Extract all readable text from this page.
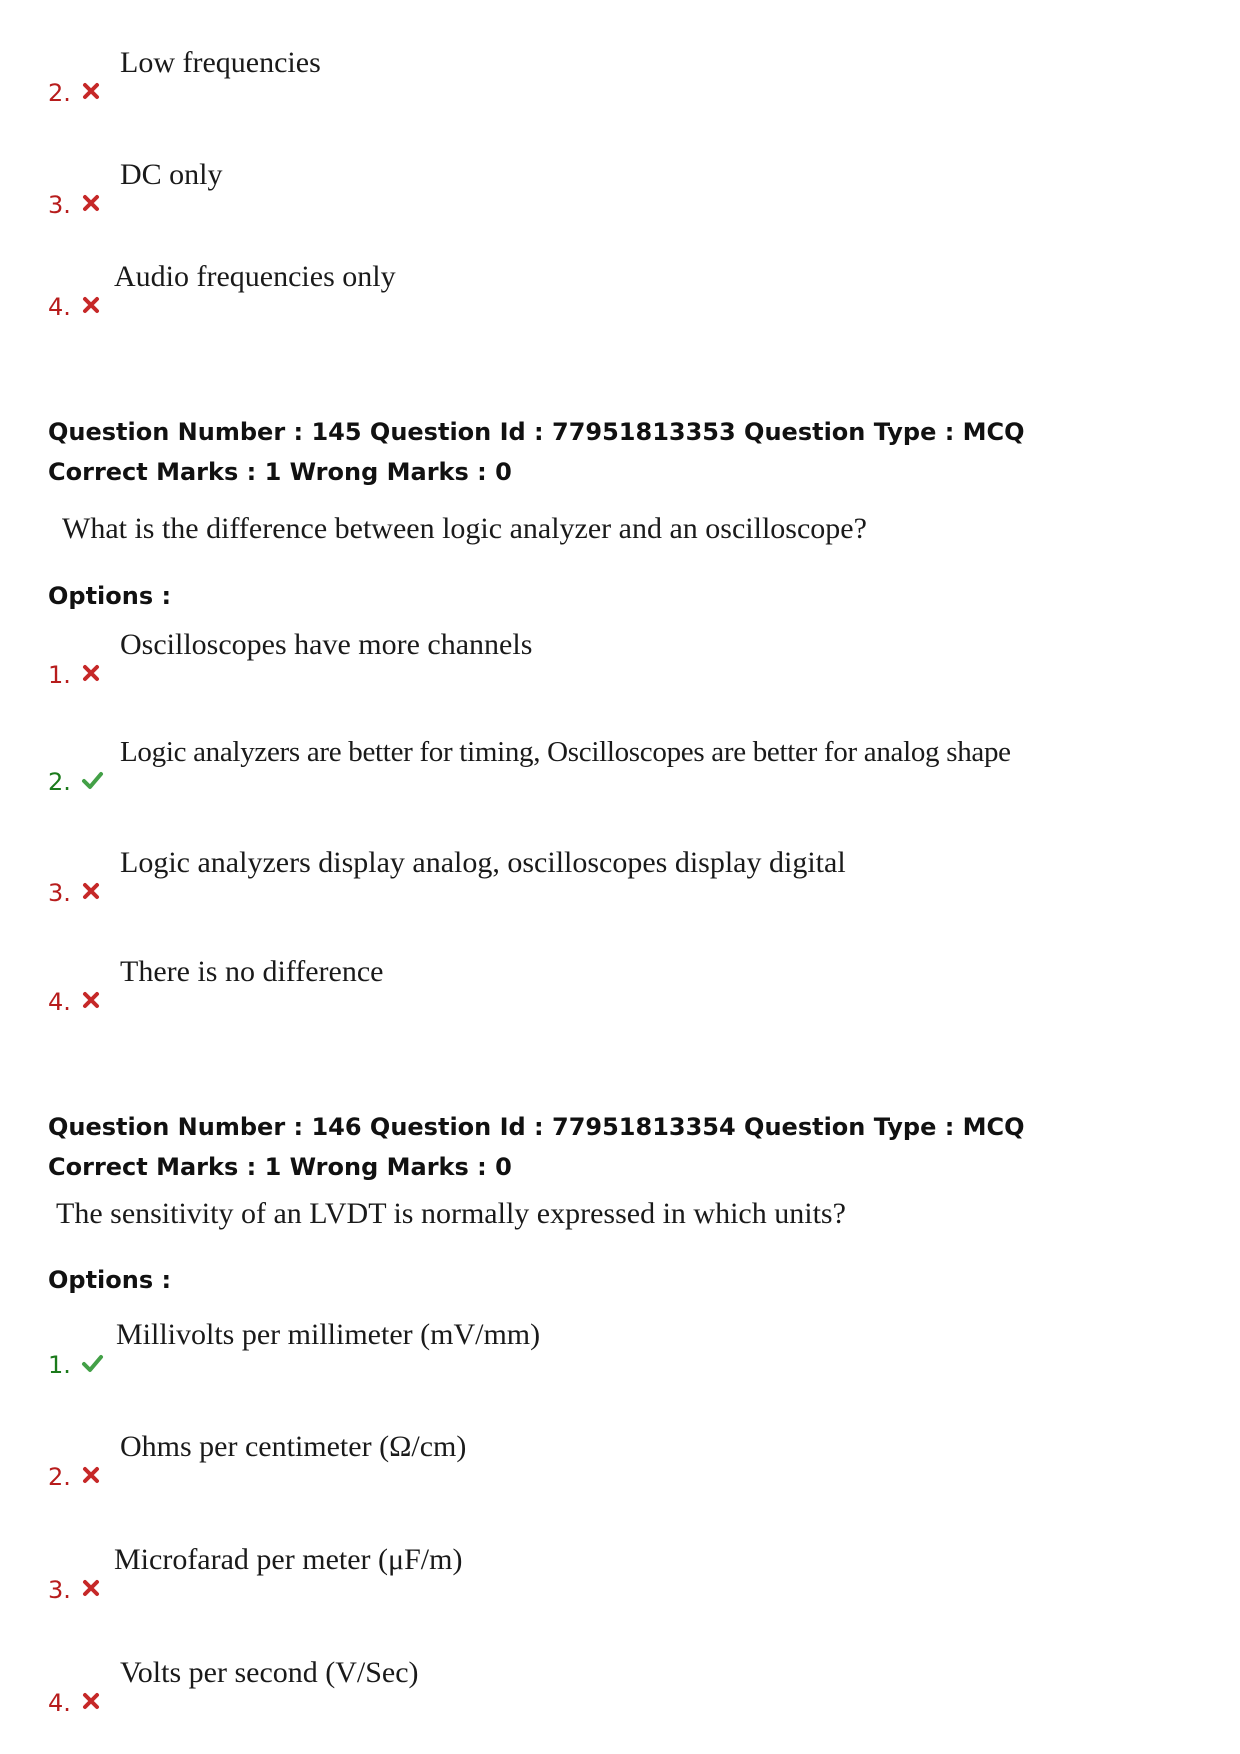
Low frequencies
2.
DC only
3.
Audio frequencies only
4.
Question Number : 145 Question Id : 77951813353 Question Type : MCQ
Correct Marks : 1 Wrong Marks : 0
What is the difference between logic analyzer and an oscilloscope?
Options :
Oscilloscopes have more channels
1.
Logic analyzers are better for timing, Oscilloscopes are better for analog shape
2.
Logic analyzers display analog, oscilloscopes display digital
3.
There is no difference
4.
Question Number : 146 Question Id : 77951813354 Question Type : MCQ
Correct Marks : 1 Wrong Marks : 0
The sensitivity of an LVDT is normally expressed in which units?
Options :
Millivolts per millimeter (mV/mm)
1.
Ohms per centimeter (Ω/cm)
2.
Microfarad per meter (μF/m)
3.
Volts per second (V/Sec)
4.
